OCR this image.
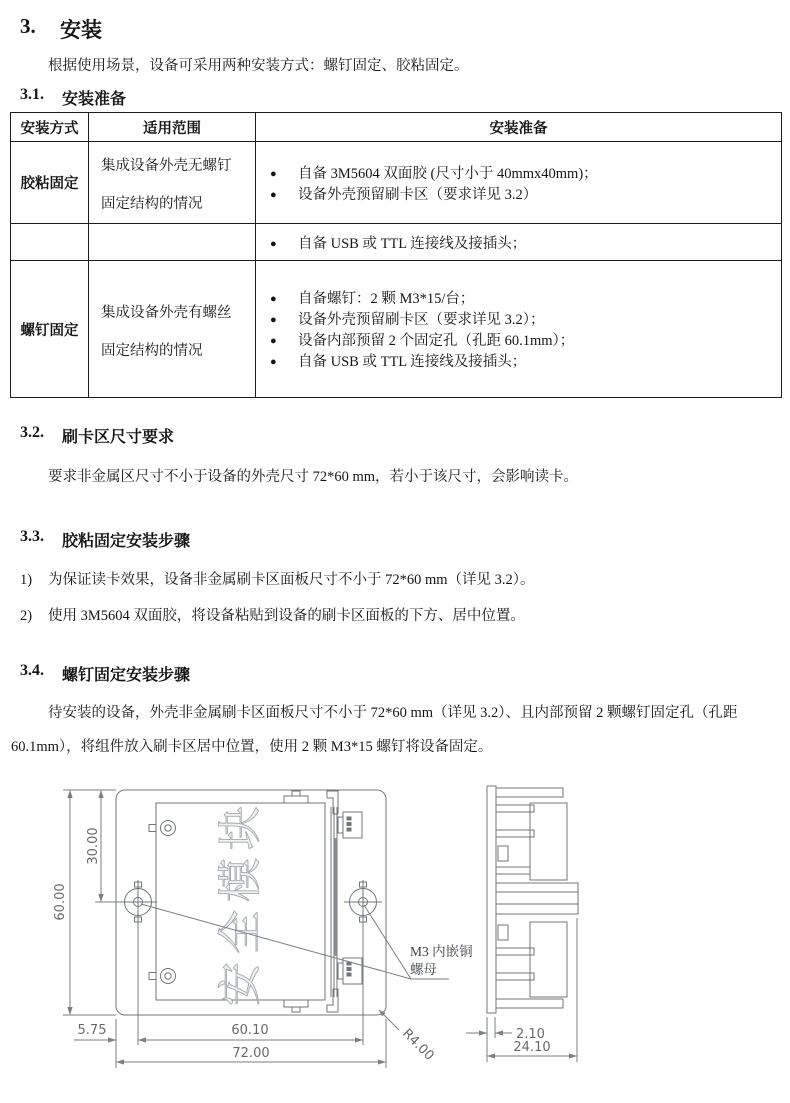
3.	安装
根据使用场景，设备可采用两种安装方式：螺钉固定、胶粘固定。
3.1.	安装准备
安装方式	适用范围	安装准备
胶粘固定	集成设备外壳无螺钉固定结构的情况	● 自备 3M5604 双面胶 (尺寸小于 40mmx40mm)；
● 设备外壳预留刷卡区（要求详见 3.2）

		● 自备 USB 或 TTL 连接线及接插头；

螺钉固定	集成设备外壳有螺丝固定结构的情况	● 自备螺钉：2 颗 M3*15/台；
● 设备外壳预留刷卡区（要求详见 3.2）；
● 设备内部预留 2 个固定孔（孔距 60.1mm）；
● 自备 USB 或 TTL 连接线及接插头；
3.2.	刷卡区尺寸要求
要求非金属区尺寸不小于设备的外壳尺寸 72*60 mm，若小于该尺寸，会影响读卡。
3.3.	胶粘固定安装步骤
1) 为保证读卡效果，设备非金属刷卡区面板尺寸不小于 72*60 mm（详见 3.2）。
2) 使用 3M5604 双面胶，将设备粘贴到设备的刷卡区面板的下方、居中位置。
3.4.	螺钉固定安装步骤
待安装的设备，外壳非金属刷卡区面板尺寸不小于 72*60 mm（详见 3.2）、且内部预留 2 颗螺钉固定孔（孔距 60.1mm），将组件放入刷卡区居中位置，使用 2 颗 M3*15 螺钉将设备固定。
安全模块
60.00
30.00
5.75	60.10
72.00	R4.00	2.10
24.10
M3 内嵌铜
螺母
